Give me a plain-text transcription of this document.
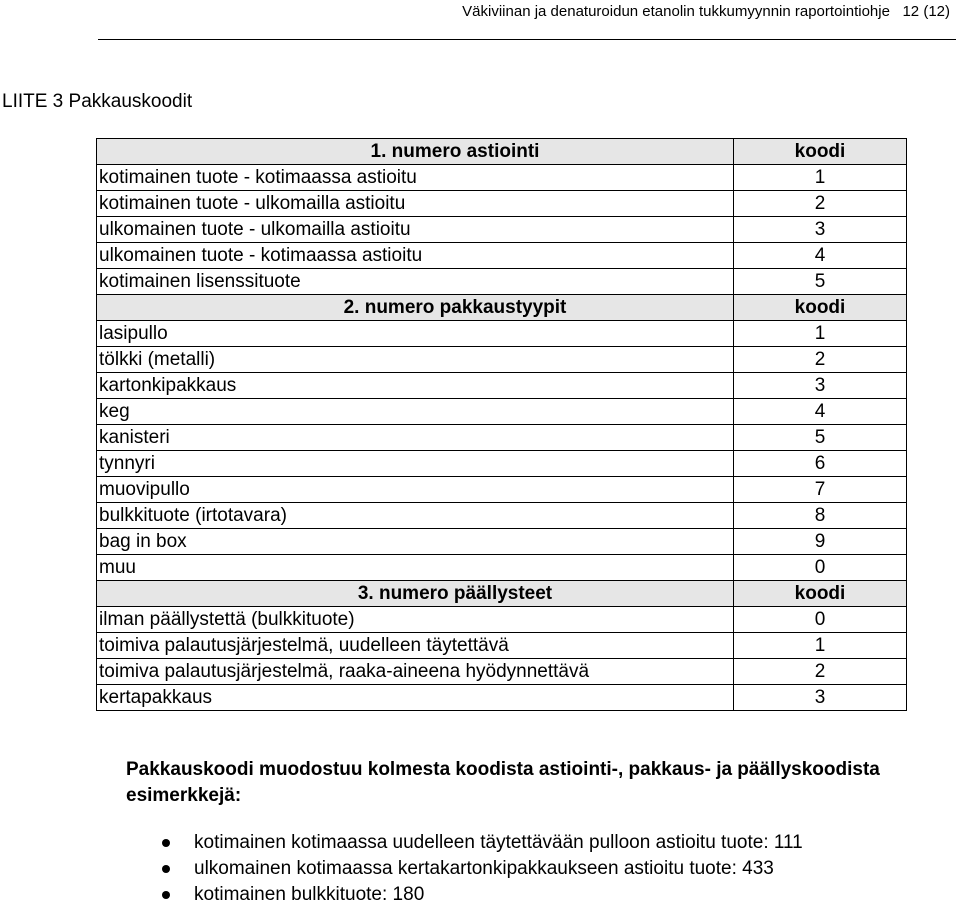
Väkiviinan ja denaturoidun etanolin tukkumyynnin raportointiohje 12 (12)
LIITE 3 Pakkauskoodit
1. numero astiointi	koodi
kotimainen tuote - kotimaassa astioitu	1
kotimainen tuote - ulkomailla astioitu	2
ulkomainen tuote - ulkomailla astioitu	3
ulkomainen tuote - kotimaassa astioitu	4
kotimainen lisenssituote	5
2. numero pakkaustyypit	koodi
lasipullo	1
tölkki (metalli)	2
kartonkipakkaus	3
keg	4
kanisteri	5
tynnyri	6
muovipullo	7
bulkkituote (irtotavara)	8
bag in box	9
muu	0
3. numero päällysteet	koodi
ilman päällystettä (bulkkituote)	0
toimiva palautusjärjestelmä, uudelleen täytettävä	1
toimiva palautusjärjestelmä, raaka-aineena hyödynnettävä	2
kertapakkaus	3
Pakkauskoodi muodostuu kolmesta koodista astiointi-, pakkaus- ja päällyskoodista esimerkkejä:
kotimainen kotimaassa uudelleen täytettävään pulloon astioitu tuote: 111
ulkomainen kotimaassa kertakartonkipakkaukseen astioitu tuote: 433
kotimainen bulkkituote: 180
